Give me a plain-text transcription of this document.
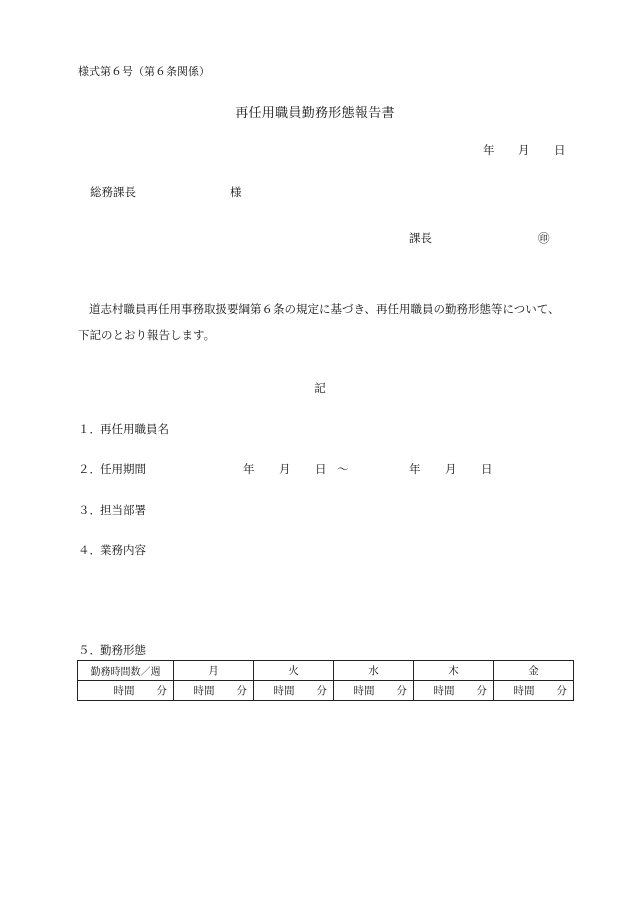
様式第６号（第６条関係）
再任用職員勤務形態報告書
年 月 日
総務課長	様
課長	㊞

道志村職員再任用事務取扱要綱第６条の規定に基づき、再任用職員の勤務形態等について、

下記のとおり報告します。

記
１．再任用職員名
２．任用期間	年 月 日 ～	年 月 日
３．担当部署
４．業務内容
５．勤務形態
勤務時間数／週	月	火	水	木	金
時間 分	時間 分	時間 分	時間 分	時間 分	時間 分
